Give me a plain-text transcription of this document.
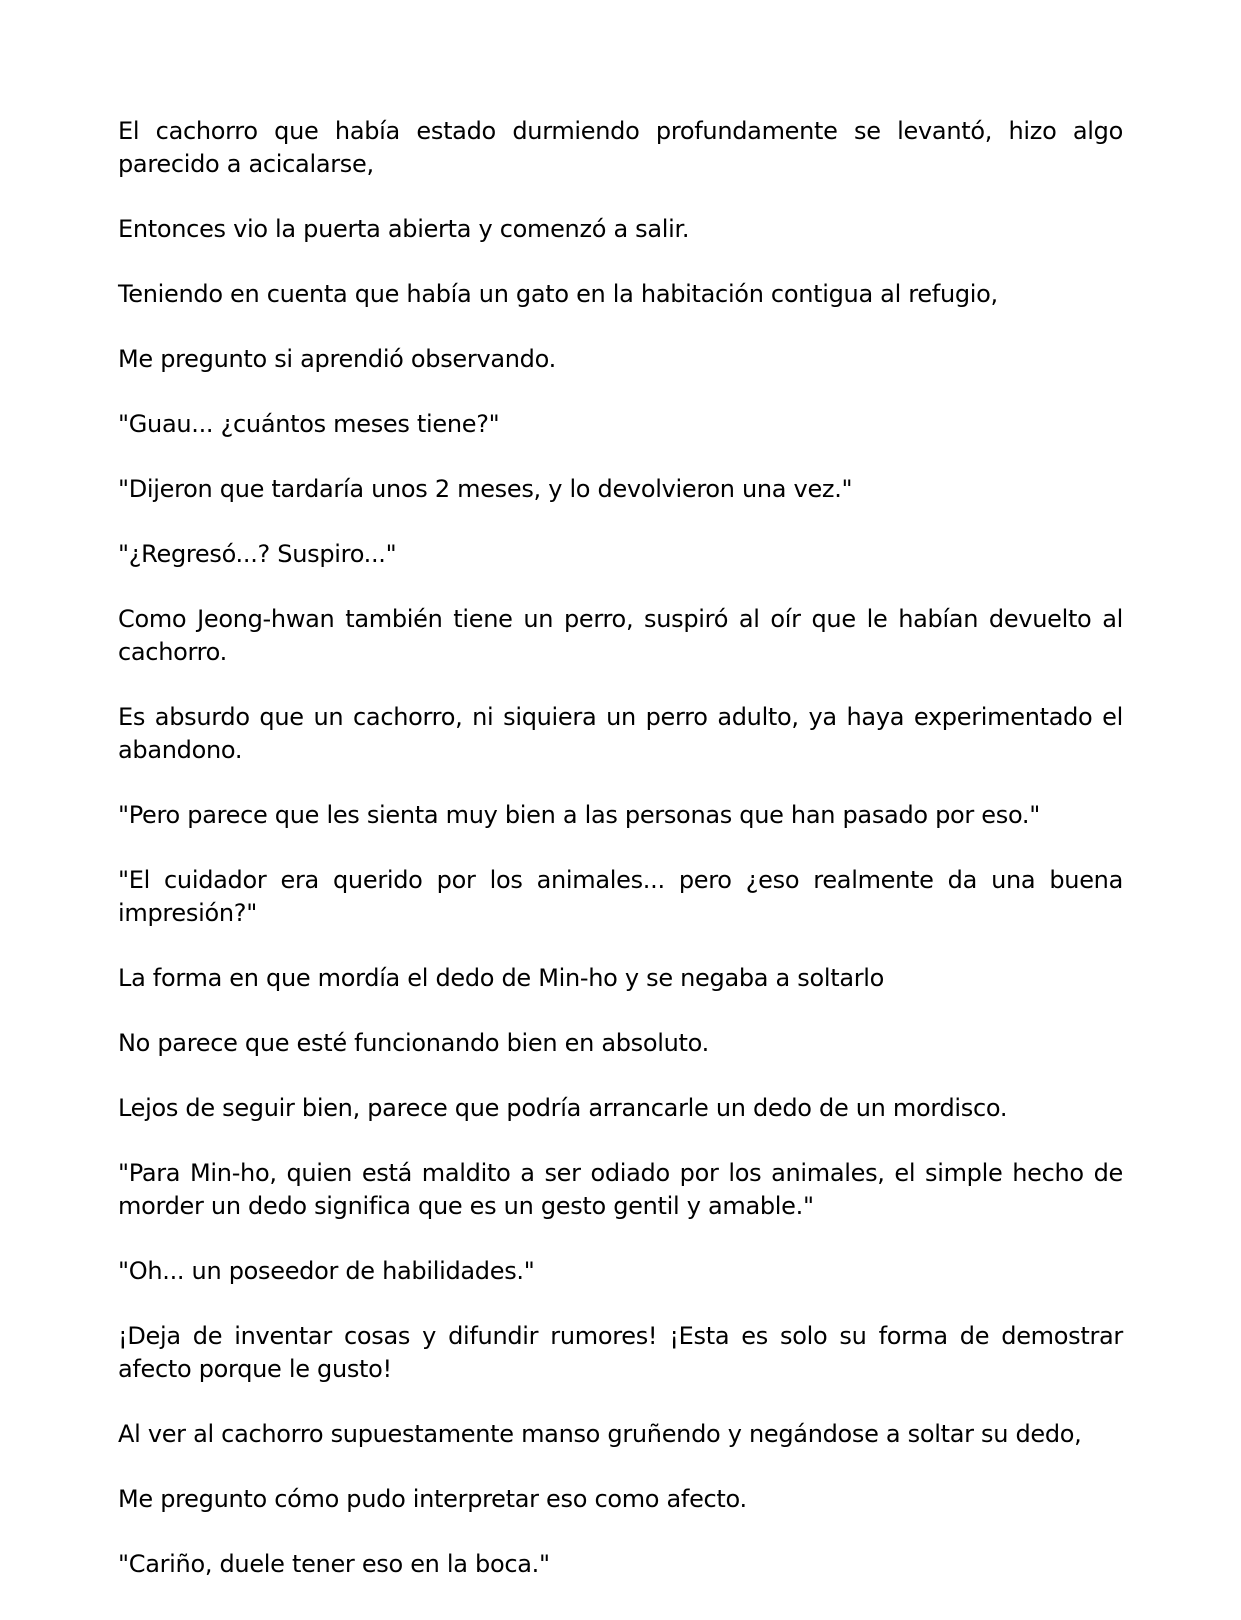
El cachorro que había estado durmiendo profundamente se levantó, hizo algo parecido a acicalarse,

Entonces vio la puerta abierta y comenzó a salir.

Teniendo en cuenta que había un gato en la habitación contigua al refugio,

Me pregunto si aprendió observando.

"Guau... ¿cuántos meses tiene?"

"Dijeron que tardaría unos 2 meses, y lo devolvieron una vez."

"¿Regresó...? Suspiro..."

Como Jeong-hwan también tiene un perro, suspiró al oír que le habían devuelto al cachorro.

Es absurdo que un cachorro, ni siquiera un perro adulto, ya haya experimentado el abandono.

"Pero parece que les sienta muy bien a las personas que han pasado por eso."

"El cuidador era querido por los animales... pero ¿eso realmente da una buena impresión?"

La forma en que mordía el dedo de Min-ho y se negaba a soltarlo

No parece que esté funcionando bien en absoluto.

Lejos de seguir bien, parece que podría arrancarle un dedo de un mordisco.

"Para Min-ho, quien está maldito a ser odiado por los animales, el simple hecho de morder un dedo significa que es un gesto gentil y amable."

"Oh... un poseedor de habilidades."

¡Deja de inventar cosas y difundir rumores! ¡Esta es solo su forma de demostrar afecto porque le gusto!

Al ver al cachorro supuestamente manso gruñendo y negándose a soltar su dedo,

Me pregunto cómo pudo interpretar eso como afecto.

"Cariño, duele tener eso en la boca."
